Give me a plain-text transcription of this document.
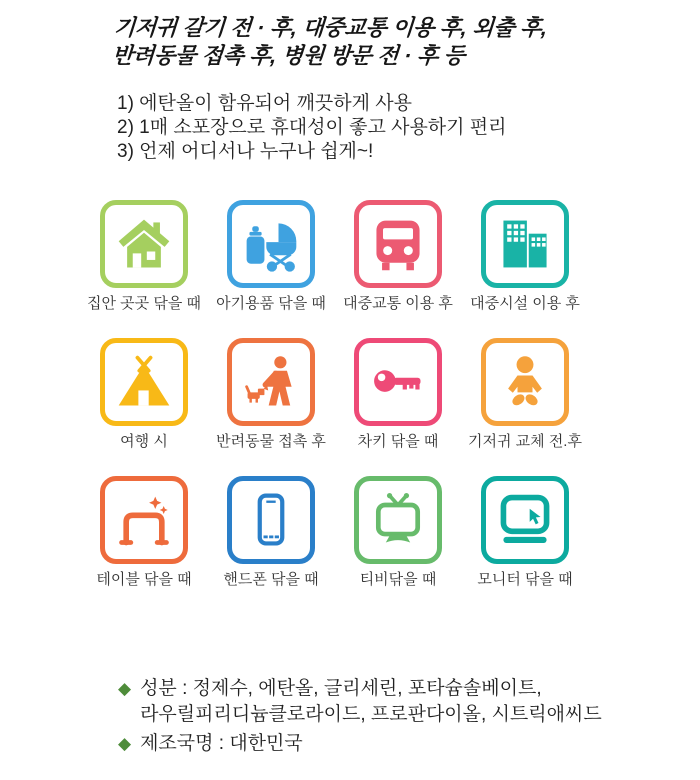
기저귀 갈기 전 · 후, 대중교통 이용 후, 외출 후,
반려동물 접촉 후, 병원 방문 전 · 후 등
1) 에탄올이 함유되어 깨끗하게 사용
2) 1매 소포장으로 휴대성이 좋고 사용하기 편리
3) 언제 어디서나 누구나 쉽게~!
집안 곳곳 닦을 때 아기용품 닦을 때 대중교통 이용 후 대중시설 이용 후
여행 시	반려동물 접촉 후 차키 닦을 때 기저귀 교체 전.후
테이블 닦을 때 핸드폰 닦을 때	티비닦을 때	모니터 닦을 때
◆ 성분 : 정제수, 에탄올, 글리세린, 포타슘솔베이트,
라우릴피리디늄클로라이드, 프로판다이올, 시트릭애씨드
◆ 제조국명 : 대한민국
